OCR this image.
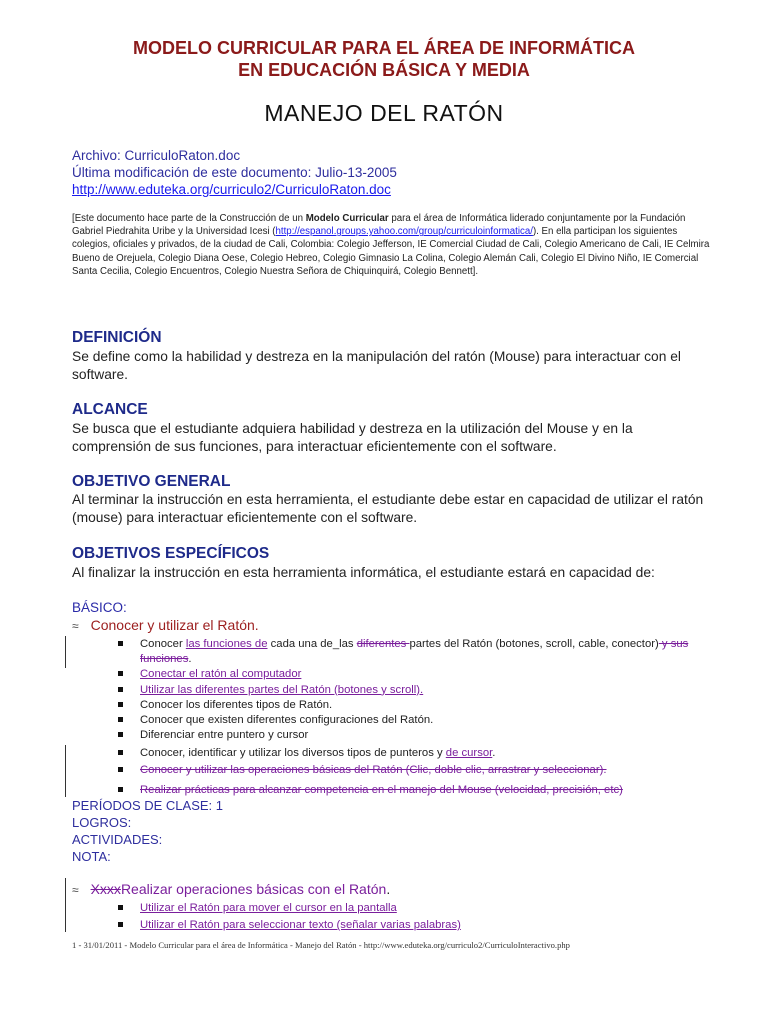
MODELO CURRICULAR PARA EL ÁREA DE INFORMÁTICA
EN EDUCACIÓN BÁSICA Y MEDIA
MANEJO DEL RATÓN
Archivo: CurriculoRaton.doc
Última modificación de este documento: Julio-13-2005
http://www.eduteka.org/curriculo2/CurriculoRaton.doc
[Este documento hace parte de la Construcción de un Modelo Curricular para el área de Informática liderado conjuntamente por la Fundación Gabriel Piedrahita Uribe y la Universidad Icesi (http://espanol.groups.yahoo.com/group/curriculoinformatica/). En ella participan los siguientes colegios, oficiales y privados, de la ciudad de Cali, Colombia: Colegio Jefferson, IE Comercial Ciudad de Cali, Colegio Americano de Cali, IE Celmira Bueno de Orejuela, Colegio Diana Oese, Colegio Hebreo, Colegio Gimnasio La Colina, Colegio Alemán Cali, Colegio El Divino Niño, IE Comercial Santa Cecilia, Colegio Encuentros, Colegio Nuestra Señora de Chiquinquirá, Colegio Bennett].
DEFINICIÓN
Se define como la habilidad y destreza en la manipulación del ratón (Mouse) para interactuar con el software.
ALCANCE
Se busca que el estudiante adquiera habilidad y destreza en la utilización del Mouse y en la comprensión de sus funciones, para interactuar eficientemente con el software.
OBJETIVO GENERAL
Al terminar la instrucción en esta herramienta, el estudiante debe estar en capacidad de utilizar el ratón (mouse) para interactuar eficientemente con el software.
OBJETIVOS ESPECÍFICOS
Al finalizar la instrucción en esta herramienta informática, el estudiante estará en capacidad de:
BÁSICO:
≈ Conocer y utilizar el Ratón.
Conocer las funciones de cada una de_las diferentes partes del Ratón (botones, scroll, cable, conector) y sus funciones.
Conectar el ratón al computador
Utilizar las diferentes partes del Ratón (botones y scroll).
Conocer los diferentes tipos de Ratón.
Conocer que existen diferentes configuraciones del Ratón.
Diferenciar entre puntero y cursor
Conocer, identificar y utilizar los diversos tipos de punteros y de cursor.
Conocer y utilizar las operaciones básicas del Ratón (Clic, doble clic, arrastrar y seleccionar).
Realizar prácticas para alcanzar competencia en el manejo del Mouse (velocidad, precisión, etc)
PERÍODOS DE CLASE: 1
LOGROS:
ACTIVIDADES:
NOTA:
≈ XxxxRealizar operaciones básicas con el Ratón.
Utilizar el Ratón para mover el cursor en la pantalla
Utilizar el Ratón para seleccionar texto (señalar varias palabras)
1 - 31/01/2011 - Modelo Curricular para el área de Informática - Manejo del Ratón - http://www.eduteka.org/curriculo2/CurriculoInteractivo.php
